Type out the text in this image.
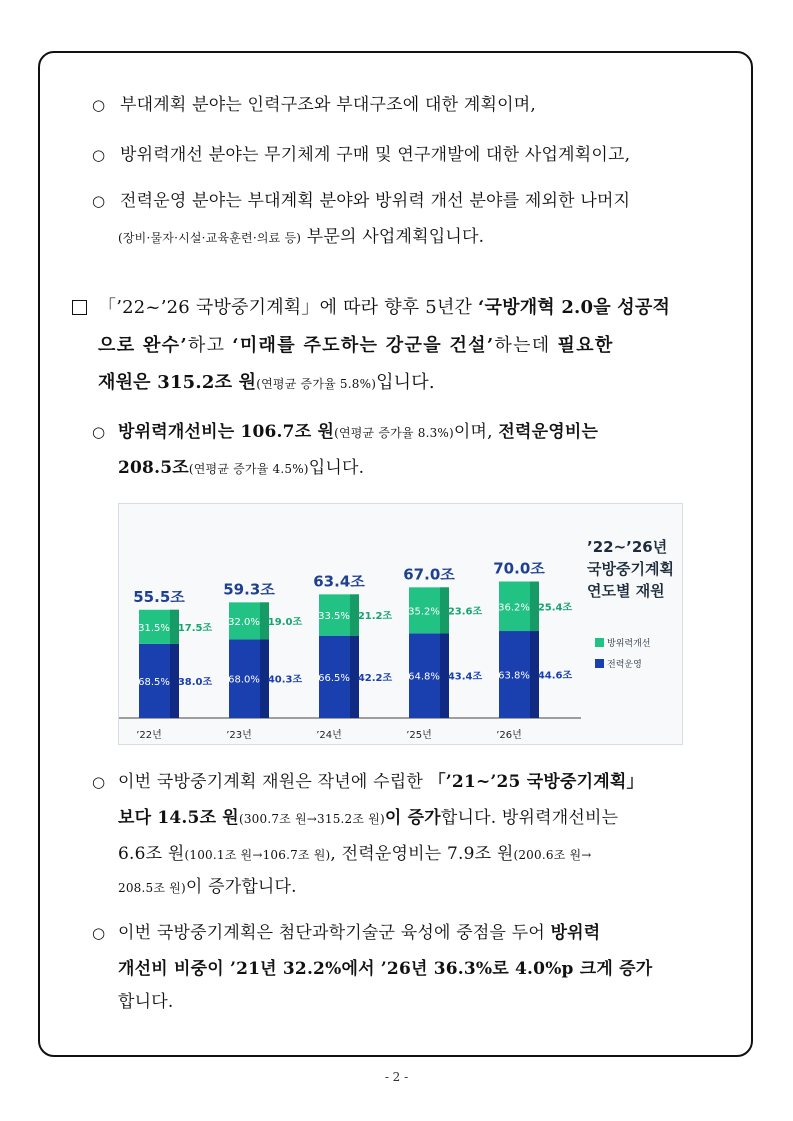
○ 부대계획 분야는 인력구조와 부대구조에 대한 계획이며,
○ 방위력개선 분야는 무기체계 구매 및 연구개발에 대한 사업계획이고,
○ 전력운영 분야는 부대계획 분야와 방위력 개선 분야를 제외한 나머지
(장비·물자·시설·교육훈련·의료 등) 부문의 사업계획입니다.
「’22~’26 국방중기계획」에 따라 향후 5년간 ‘국방개혁 2.0을 성공적
으로 완수’하고 ‘미래를 주도하는 강군을 건설’하는데 필요한
재원은 315.2조 원(연평균 증가율 5.8%)입니다.
○ 방위력개선비는 106.7조 원(연평균 증가율 8.3%)이며, 전력운영비는
208.5조(연평균 증가율 4.5%)입니다.
68.5% 38.0조
31.5% 17.5조
55.5조
’22년
68.0% 40.3조
32.0% 19.0조
59.3조
’23년
66.5% 42.2조
33.5% 21.2조
63.4조
’24년
64.8% 43.4조
35.2% 23.6조
67.0조
’25년
63.8% 44.6조
36.2% 25.4조
70.0조
’26년
’22~’26년
국방중기계획
연도별 재원
방위력개선
전력운영
○ 이번 국방중기계획 재원은 작년에 수립한 「’21~’25 국방중기계획」
보다 14.5조 원(300.7조 원→315.2조 원)이 증가합니다. 방위력개선비는
6.6조 원(100.1조 원→106.7조 원), 전력운영비는 7.9조 원(200.6조 원→
208.5조 원)이 증가합니다.
○ 이번 국방중기계획은 첨단과학기술군 육성에 중점을 두어 방위력
개선비 비중이 ’21년 32.2%에서 ’26년 36.3%로 4.0%p 크게 증가
합니다.
- 2 -
